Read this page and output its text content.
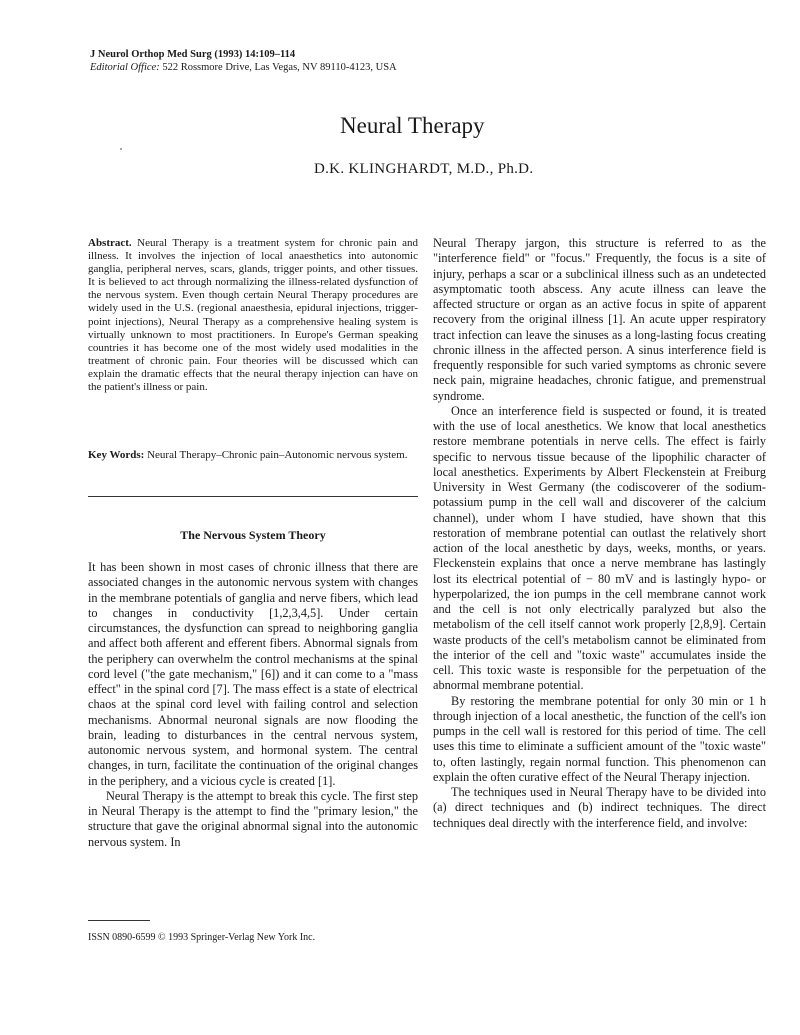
J Neurol Orthop Med Surg (1993) 14:109–114
Editorial Office: 522 Rossmore Drive, Las Vegas, NV 89110-4123, USA
Neural Therapy
D.K. KLINGHARDT, M.D., Ph.D.

Abstract. Neural Therapy is a treatment system for chronic pain and illness. It involves the injection of local anaesthetics into autonomic ganglia, peripheral nerves, scars, glands, trigger points, and other tissues. It is believed to act through normalizing the illness-related dysfunction of the nervous system. Even though certain Neural Therapy procedures are widely used in the U.S. (regional anaesthesia, epidural injections, trigger-point injections), Neural Therapy as a comprehensive healing system is virtually unknown to most practitioners. In Europe's German speaking countries it has become one of the most widely used modalities in the treatment of chronic pain. Four theories will be discussed which can explain the dramatic effects that the neural therapy injection can have on the patient's illness or pain.

Key Words: Neural Therapy–Chronic pain–Autonomic nervous system.

The Nervous System Theory

It has been shown in most cases of chronic illness that there are associated changes in the autonomic nervous system with changes in the membrane potentials of ganglia and nerve fibers, which lead to changes in conductivity [1,2,3,4,5]. Under certain circumstances, the dysfunction can spread to neighboring ganglia and affect both afferent and efferent fibers. Abnormal signals from the periphery can overwhelm the control mechanisms at the spinal cord level ("the gate mechanism," [6]) and it can come to a "mass effect" in the spinal cord [7]. The mass effect is a state of electrical chaos at the spinal cord level with failing control and selection mechanisms. Abnormal neuronal signals are now flooding the brain, leading to disturbances in the central nervous system, autonomic nervous system, and hormonal system. The central changes, in turn, facilitate the continuation of the original changes in the periphery, and a vicious cycle is created [1].

Neural Therapy is the attempt to break this cycle. The first step in Neural Therapy is the attempt to find the "primary lesion," the structure that gave the original abnormal signal into the autonomic nervous system. In

Neural Therapy jargon, this structure is referred to as the "interference field" or "focus." Frequently, the focus is a site of injury, perhaps a scar or a subclinical illness such as an undetected asymptomatic tooth abscess. Any acute illness can leave the affected structure or organ as an active focus in spite of apparent recovery from the original illness [1]. An acute upper respiratory tract infection can leave the sinuses as a long-lasting focus creating chronic illness in the affected person. A sinus interference field is frequently responsible for such varied symptoms as chronic severe neck pain, migraine headaches, chronic fatigue, and premenstrual syndrome.

Once an interference field is suspected or found, it is treated with the use of local anesthetics. We know that local anesthetics restore membrane potentials in nerve cells. The effect is fairly specific to nervous tissue because of the lipophilic character of local anesthetics. Experiments by Albert Fleckenstein at Freiburg University in West Germany (the codiscoverer of the sodium-potassium pump in the cell wall and discoverer of the calcium channel), under whom I have studied, have shown that this restoration of membrane potential can outlast the relatively short action of the local anesthetic by days, weeks, months, or years. Fleckenstein explains that once a nerve membrane has lastingly lost its electrical potential of − 80 mV and is lastingly hypo- or hyperpolarized, the ion pumps in the cell membrane cannot work and the cell is not only electrically paralyzed but also the metabolism of the cell itself cannot work properly [2,8,9]. Certain waste products of the cell's metabolism cannot be eliminated from the interior of the cell and "toxic waste" accumulates inside the cell. This toxic waste is responsible for the perpetuation of the abnormal membrane potential.

By restoring the membrane potential for only 30 min or 1 h through injection of a local anesthetic, the function of the cell's ion pumps in the cell wall is restored for this period of time. The cell uses this time to eliminate a sufficient amount of the "toxic waste" to, often lastingly, regain normal function. This phenomenon can explain the often curative effect of the Neural Therapy injection.

The techniques used in Neural Therapy have to be divided into (a) direct techniques and (b) indirect techniques. The direct techniques deal directly with the interference field, and involve:

ISSN 0890-6599 © 1993 Springer-Verlag New York Inc.
